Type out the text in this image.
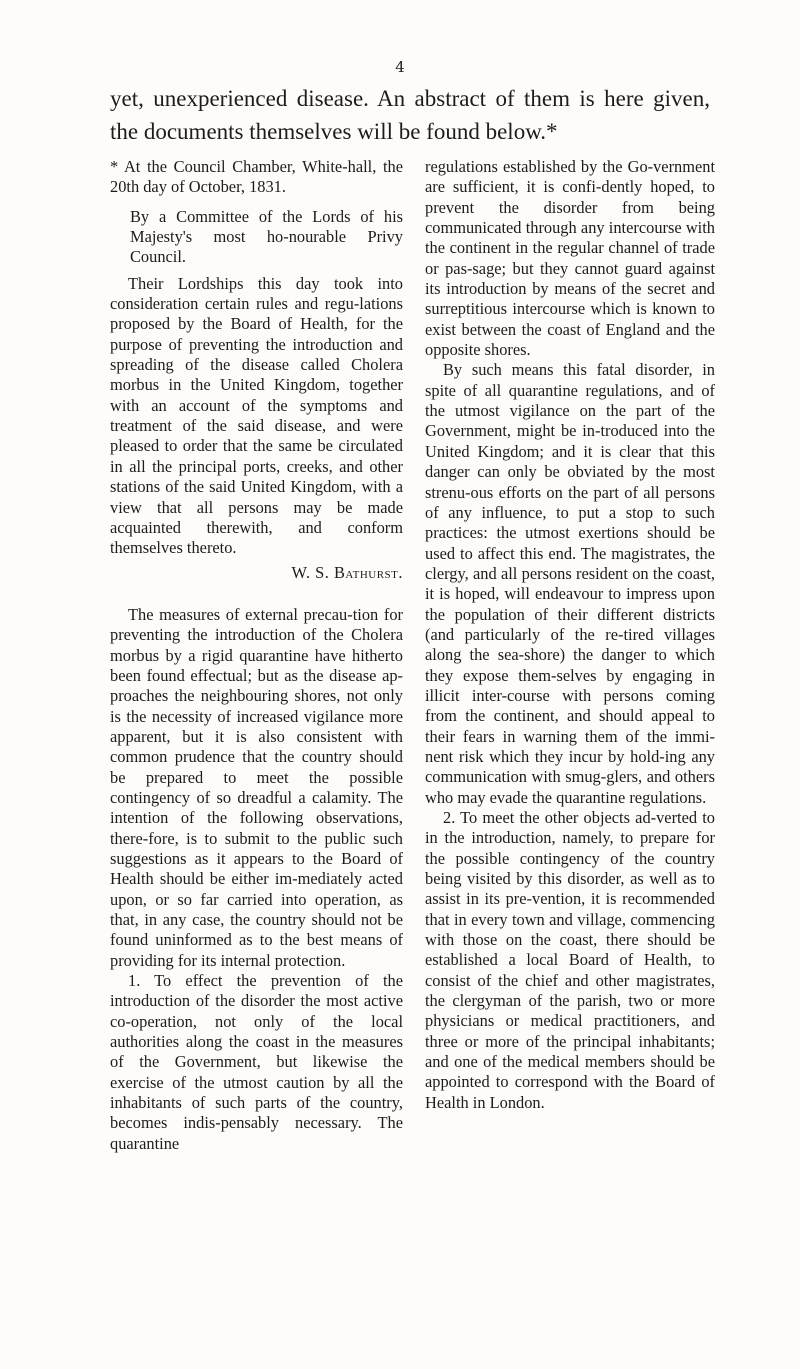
4
yet, unexperienced disease. An abstract of them is here given, the documents themselves will be found below.*

* At the Council Chamber, White-hall, the 20th day of October, 1831.

By a Committee of the Lords of his Majesty's most ho-nourable Privy Council.

Their Lordships this day took into consideration certain rules and regu-lations proposed by the Board of Health, for the purpose of preventing the introduction and spreading of the disease called Cholera morbus in the United Kingdom, together with an account of the symptoms and treatment of the said disease, and were pleased to order that the same be circulated in all the principal ports, creeks, and other stations of the said United Kingdom, with a view that all persons may be made acquainted therewith, and conform themselves thereto.

W. S. Bathurst.

The measures of external precau-tion for preventing the introduction of the Cholera morbus by a rigid quarantine have hitherto been found effectual; but as the disease ap-proaches the neighbouring shores, not only is the necessity of increased vigilance more apparent, but it is also consistent with common prudence that the country should be prepared to meet the possible contingency of so dreadful a calamity. The intention of the following observations, there-fore, is to submit to the public such suggestions as it appears to the Board of Health should be either im-mediately acted upon, or so far carried into operation, as that, in any case, the country should not be found uninformed as to the best means of providing for its internal protection.

1. To effect the prevention of the introduction of the disorder the most active co-operation, not only of the local authorities along the coast in the measures of the Government, but likewise the exercise of the utmost caution by all the inhabitants of such parts of the country, becomes indis-pensably necessary. The quarantine

regulations established by the Go-vernment are sufficient, it is confi-dently hoped, to prevent the disorder from being communicated through any intercourse with the continent in the regular channel of trade or pas-sage; but they cannot guard against its introduction by means of the secret and surreptitious intercourse which is known to exist between the coast of England and the opposite shores.

By such means this fatal disorder, in spite of all quarantine regulations, and of the utmost vigilance on the part of the Government, might be in-troduced into the United Kingdom; and it is clear that this danger can only be obviated by the most strenu-ous efforts on the part of all persons of any influence, to put a stop to such practices: the utmost exertions should be used to affect this end. The magistrates, the clergy, and all persons resident on the coast, it is hoped, will endeavour to impress upon the population of their different districts (and particularly of the re-tired villages along the sea-shore) the danger to which they expose them-selves by engaging in illicit inter-course with persons coming from the continent, and should appeal to their fears in warning them of the immi-nent risk which they incur by hold-ing any communication with smug-glers, and others who may evade the quarantine regulations.

2. To meet the other objects ad-verted to in the introduction, namely, to prepare for the possible contingency of the country being visited by this disorder, as well as to assist in its pre-vention, it is recommended that in every town and village, commencing with those on the coast, there should be established a local Board of Health, to consist of the chief and other magistrates, the clergyman of the parish, two or more physicians or medical practitioners, and three or more of the principal inhabitants; and one of the medical members should be appointed to correspond with the Board of Health in London.
